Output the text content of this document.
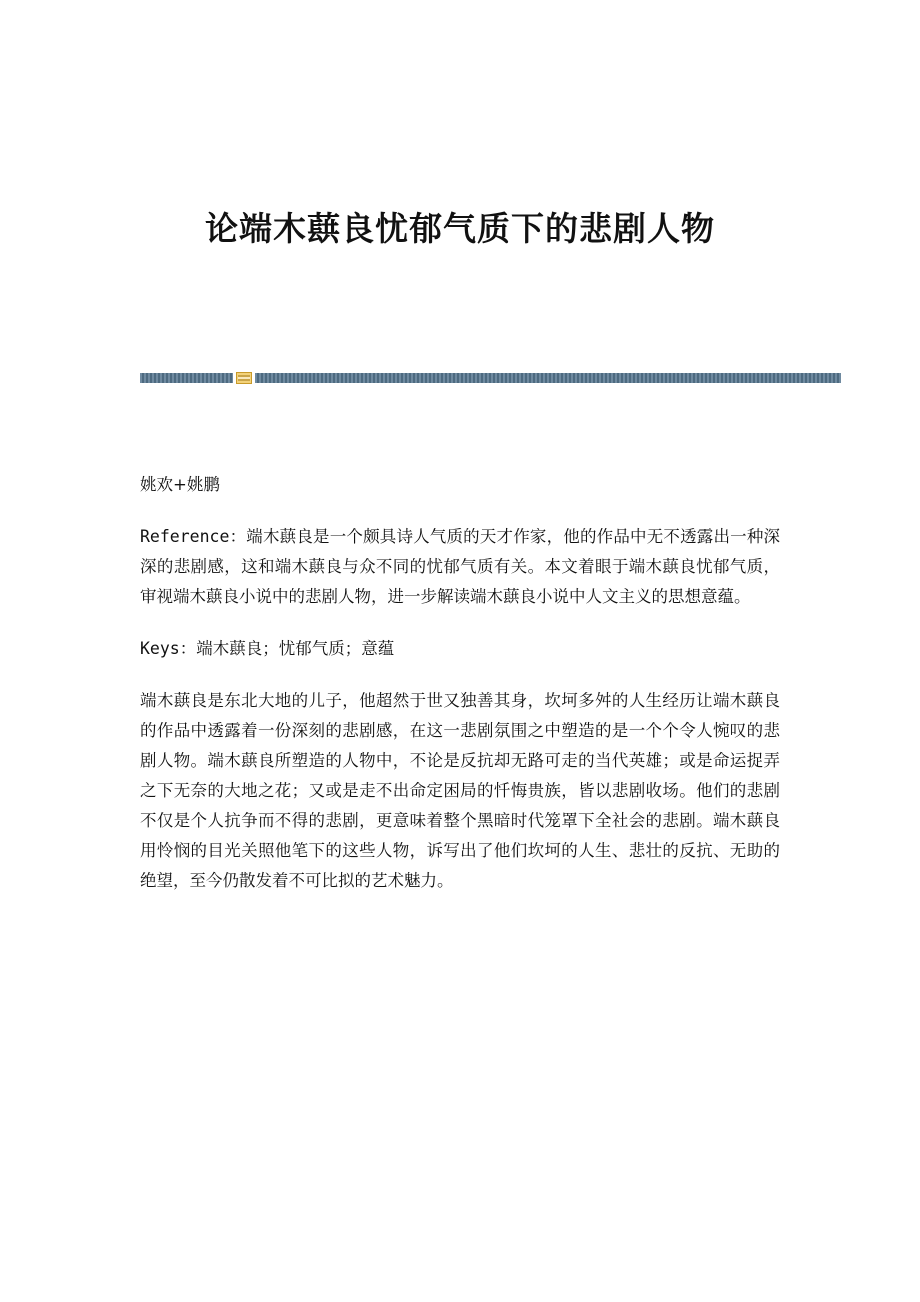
论端木蕻良忧郁气质下的悲剧人物

姚欢+姚鹏

Reference：端木蕻良是一个颇具诗人气质的天才作家，他的作品中无不透露出一种深深的悲剧感，这和端木蕻良与众不同的忧郁气质有关。本文着眼于端木蕻良忧郁气质，审视端木蕻良小说中的悲剧人物，进一步解读端木蕻良小说中人文主义的思想意蕴。

Keys：端木蕻良；忧郁气质；意蕴

端木蕻良是东北大地的儿子，他超然于世又独善其身，坎坷多舛的人生经历让端木蕻良的作品中透露着一份深刻的悲剧感，在这一悲剧氛围之中塑造的是一个个令人惋叹的悲剧人物。端木蕻良所塑造的人物中，不论是反抗却无路可走的当代英雄；或是命运捉弄之下无奈的大地之花；又或是走不出命定困局的忏悔贵族，皆以悲剧收场。他们的悲剧不仅是个人抗争而不得的悲剧，更意味着整个黑暗时代笼罩下全社会的悲剧。端木蕻良用怜悯的目光关照他笔下的这些人物，诉写出了他们坎坷的人生、悲壮的反抗、无助的绝望，至今仍散发着不可比拟的艺术魅力。
